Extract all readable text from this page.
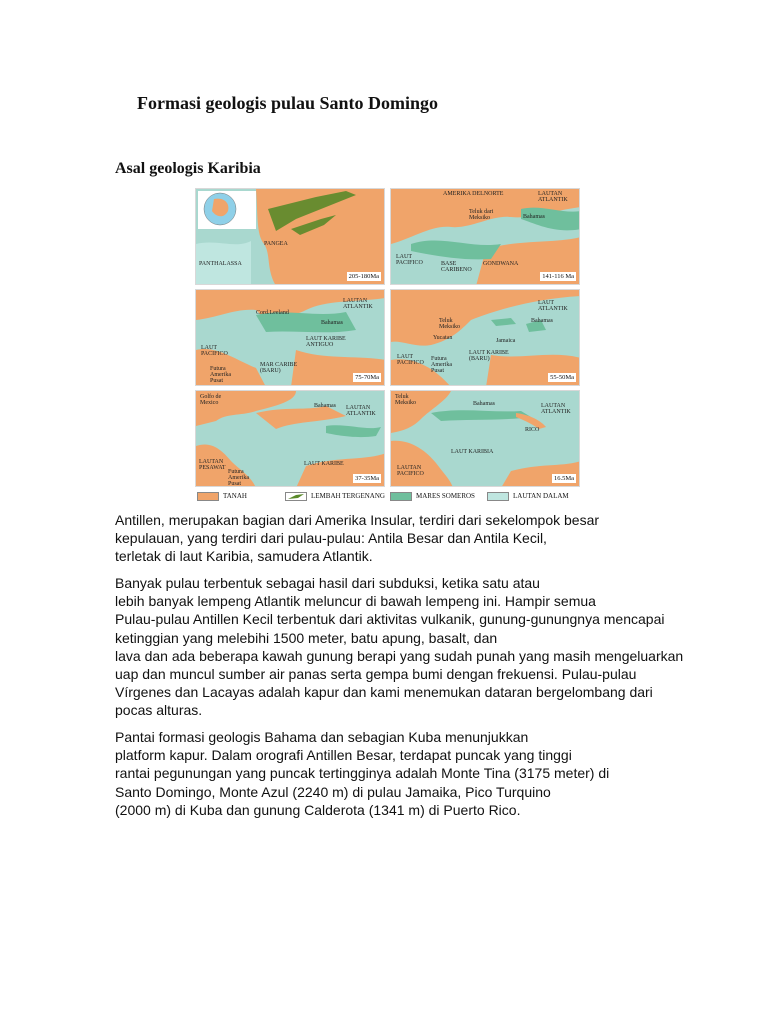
Formasi geologis pulau Santo Domingo
Asal geologis Karibia
PANGEA
PANTHALASSA
205-180Ma
AMERIKA DELNORTE	LAUTAN ATLANTIK
Teluk dari Meksiko	Bahamas
LAUT PACIFICO	BASE CARIBENO
GONDWANA
141-116 Ma
Cord.Leeland
LAUTAN ATLANTIK
Bahamas
LAUT KARIBE ANTIGUO
LAUT PACIFICO
Futura Amerika Pusat
MAR CARIBE (BARU)
75-70Ma
Teluk Meksiko
Yucatan
LAUT ATLANTIK
Bahamas
Jamaica
LAUT PACIFICO
Futura Amerika Pusat
LAUT KARIBE (BARU)
55-50Ma
Golfo de Mexico	Bahamas LAUTAN ATLANTIK
LAUTAN PESAWAT
Futura Amerika Pusat
LAUT KARIBE
37-35Ma
Teluk Meksiko	Bahamas	LAUTAN ATLANTIK
RICO
LAUT KARIBIA
LAUTAN PACIFICO
16.5Ma
TANAH	LEMBAH TERGENANG	MARES SOMEROS	LAUTAN DALAM
Antillen, merupakan bagian dari Amerika Insular, terdiri dari sekelompok besar
kepulauan, yang terdiri dari pulau-pulau: Antila Besar dan Antila Kecil,
terletak di laut Karibia, samudera Atlantik.
Banyak pulau terbentuk sebagai hasil dari subduksi, ketika satu atau
lebih banyak lempeng Atlantik meluncur di bawah lempeng ini. Hampir semua
Pulau-pulau Antillen Kecil terbentuk dari aktivitas vulkanik, gunung-gunungnya mencapai
ketinggian yang melebihi 1500 meter, batu apung, basalt, dan
lava dan ada beberapa kawah gunung berapi yang sudah punah yang masih mengeluarkan
uap dan muncul sumber air panas serta gempa bumi dengan frekuensi. Pulau-pulau
Vírgenes dan Lacayas adalah kapur dan kami menemukan dataran bergelombang dari
pocas alturas.
Pantai formasi geologis Bahama dan sebagian Kuba menunjukkan
platform kapur. Dalam orografi Antillen Besar, terdapat puncak yang tinggi
rantai pegunungan yang puncak tertingginya adalah Monte Tina (3175 meter) di
Santo Domingo, Monte Azul (2240 m) di pulau Jamaika, Pico Turquino
(2000 m) di Kuba dan gunung Calderota (1341 m) di Puerto Rico.
